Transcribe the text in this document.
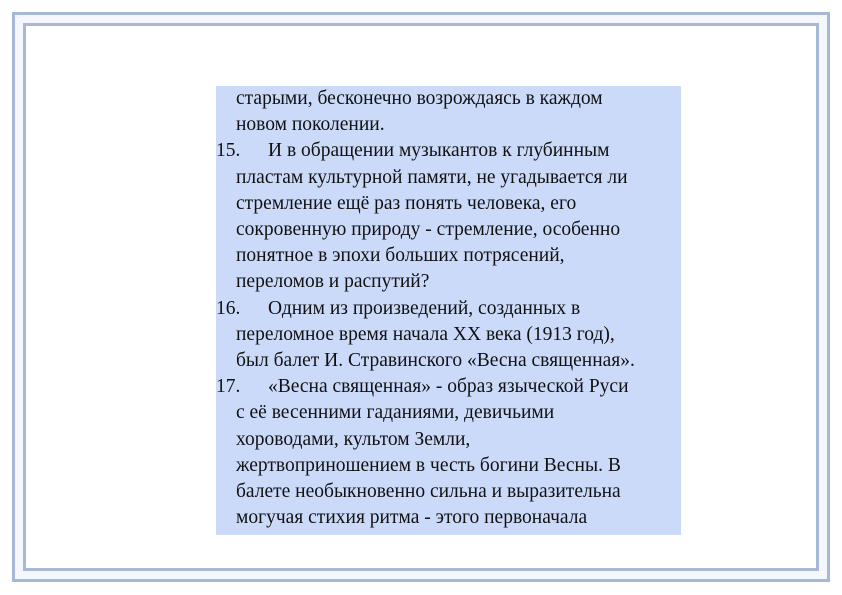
старыми, бесконечно возрождаясь в каждом
новом поколении.
15. И в обращении музыкантов к глубинным
пластам культурной памяти, не угадывается ли
стремление ещё раз понять человека, его
сокровенную природу - стремление, особенно
понятное в эпохи больших потрясений,
переломов и распутий?
16. Одним из произведений, созданных в
переломное время начала XX века (1913 год),
был балет И. Стравинского «Весна священная».
17. «Весна священная» - образ языческой Руси
с её весенними гаданиями, девичьими
хороводами, культом Земли,
жертвоприношением в честь богини Весны. В
балете необыкновенно сильна и выразительна
могучая стихия ритма - этого первоначала
